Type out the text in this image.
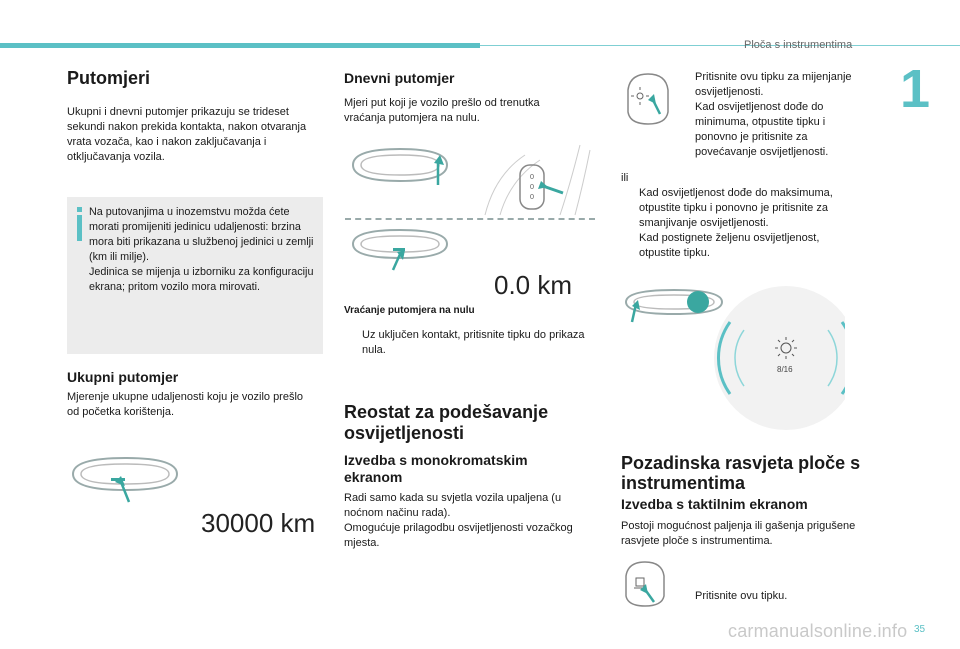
Ploča s instrumentima
1
Putomjeri
Ukupni i dnevni putomjer prikazuju se trideset sekundi nakon prekida kontakta, nakon otvaranja vrata vozača, kao i nakon zaključavanja i otključavanja vozila.
Na putovanjima u inozemstvu možda ćete morati promijeniti jedinicu udaljenosti: brzina mora biti prikazana u službenoj jedinici u zemlji (km ili milje).
Jedinica se mijenja u izborniku za konfiguraciju ekrana; pritom vozilo mora mirovati.
Ukupni putomjer
Mjerenje ukupne udaljenosti koju je vozilo prešlo od početka korištenja.
30000 km
Dnevni putomjer
Mjeri put koji je vozilo prešlo od trenutka vraćanja putomjera na nulu.
0
0
0
0.0 km
Vraćanje putomjera na nulu
Uz uključen kontakt, pritisnite tipku do prikaza nula.
Reostat za podešavanje osvijetljenosti
Izvedba s monokromatskim ekranom
Radi samo kada su svjetla vozila upaljena (u noćnom načinu rada).
Omogućuje prilagodbu osvijetljenosti vozačkog mjesta.
Pritisnite ovu tipku za mijenjanje osvijetljenosti.
Kad osvijetljenost dođe do minimuma, otpustite tipku i ponovno je pritisnite za povećavanje osvijetljenosti.
ili
Kad osvijetljenost dođe do maksimuma, otpustite tipku i ponovno je pritisnite za smanjivanje osvijetljenosti.
Kad postignete željenu osvijetljenost, otpustite tipku.
8/16
Pozadinska rasvjeta ploče s instrumentima
Izvedba s taktilnim ekranom
Postoji mogućnost paljenja ili gašenja prigušene rasvjete ploče s instrumentima.
Pritisnite ovu tipku.
carmanualsonline.info 35
